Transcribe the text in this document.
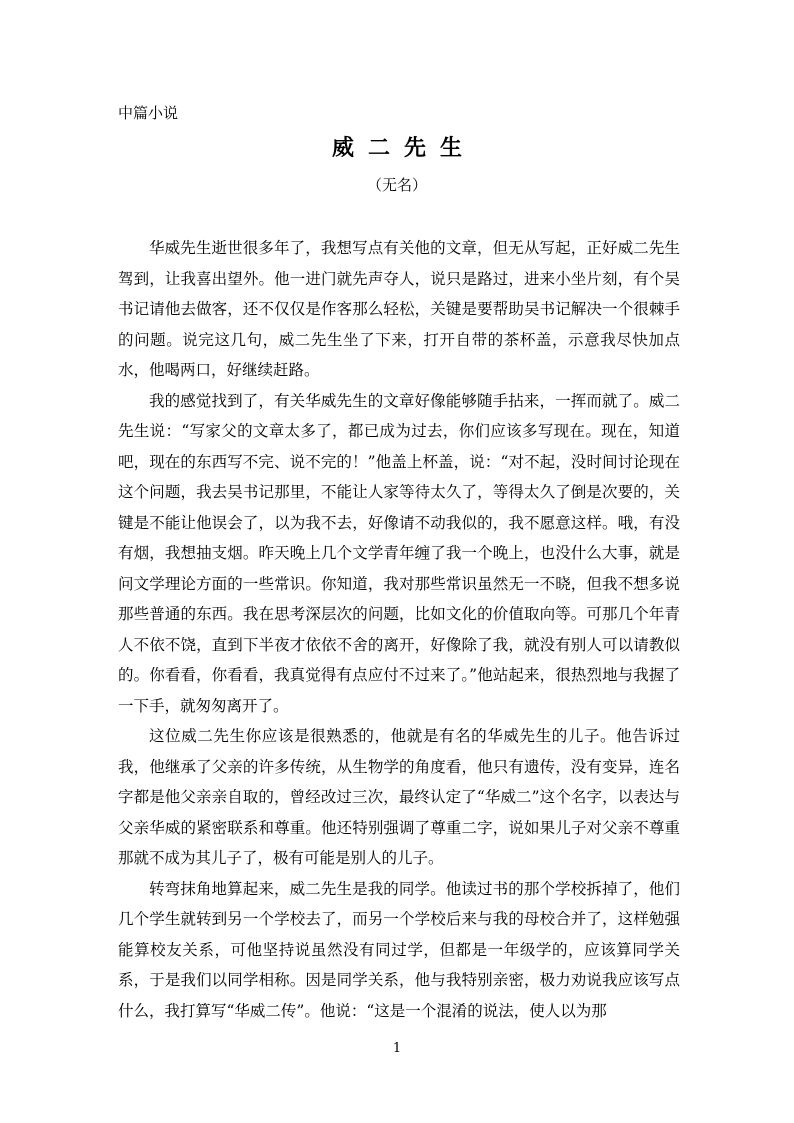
中篇小说
威二先生
（无名）

华威先生逝世很多年了，我想写点有关他的文章，但无从写起，正好威二先生驾到，让我喜出望外。他一进门就先声夺人，说只是路过，进来小坐片刻，有个吴书记请他去做客，还不仅仅是作客那么轻松，关键是要帮助吴书记解决一个很棘手的问题。说完这几句，威二先生坐了下来，打开自带的茶杯盖，示意我尽快加点水，他喝两口，好继续赶路。

我的感觉找到了，有关华威先生的文章好像能够随手拈来，一挥而就了。威二先生说：“写家父的文章太多了，都已成为过去，你们应该多写现在。现在，知道吧，现在的东西写不完、说不完的！”他盖上杯盖，说：“对不起，没时间讨论现在这个问题，我去吴书记那里，不能让人家等待太久了，等得太久了倒是次要的，关键是不能让他误会了，以为我不去，好像请不动我似的，我不愿意这样。哦，有没有烟，我想抽支烟。昨天晚上几个文学青年缠了我一个晚上，也没什么大事，就是问文学理论方面的一些常识。你知道，我对那些常识虽然无一不晓，但我不想多说那些普通的东西。我在思考深层次的问题，比如文化的价值取向等。可那几个年青人不依不饶，直到下半夜才依依不舍的离开，好像除了我，就没有别人可以请教似的。你看看，你看看，我真觉得有点应付不过来了。”他站起来，很热烈地与我握了一下手，就匆匆离开了。

这位威二先生你应该是很熟悉的，他就是有名的华威先生的儿子。他告诉过我，他继承了父亲的许多传统，从生物学的角度看，他只有遗传，没有变异，连名字都是他父亲亲自取的，曾经改过三次，最终认定了“华威二”这个名字，以表达与父亲华威的紧密联系和尊重。他还特别强调了尊重二字，说如果儿子对父亲不尊重那就不成为其儿子了，极有可能是别人的儿子。

转弯抹角地算起来，威二先生是我的同学。他读过书的那个学校拆掉了，他们几个学生就转到另一个学校去了，而另一个学校后来与我的母校合并了，这样勉强能算校友关系，可他坚持说虽然没有同过学，但都是一年级学的，应该算同学关系，于是我们以同学相称。因是同学关系，他与我特别亲密，极力劝说我应该写点什么，我打算写“华威二传”。他说：“这是一个混淆的说法，使人以为那

1
